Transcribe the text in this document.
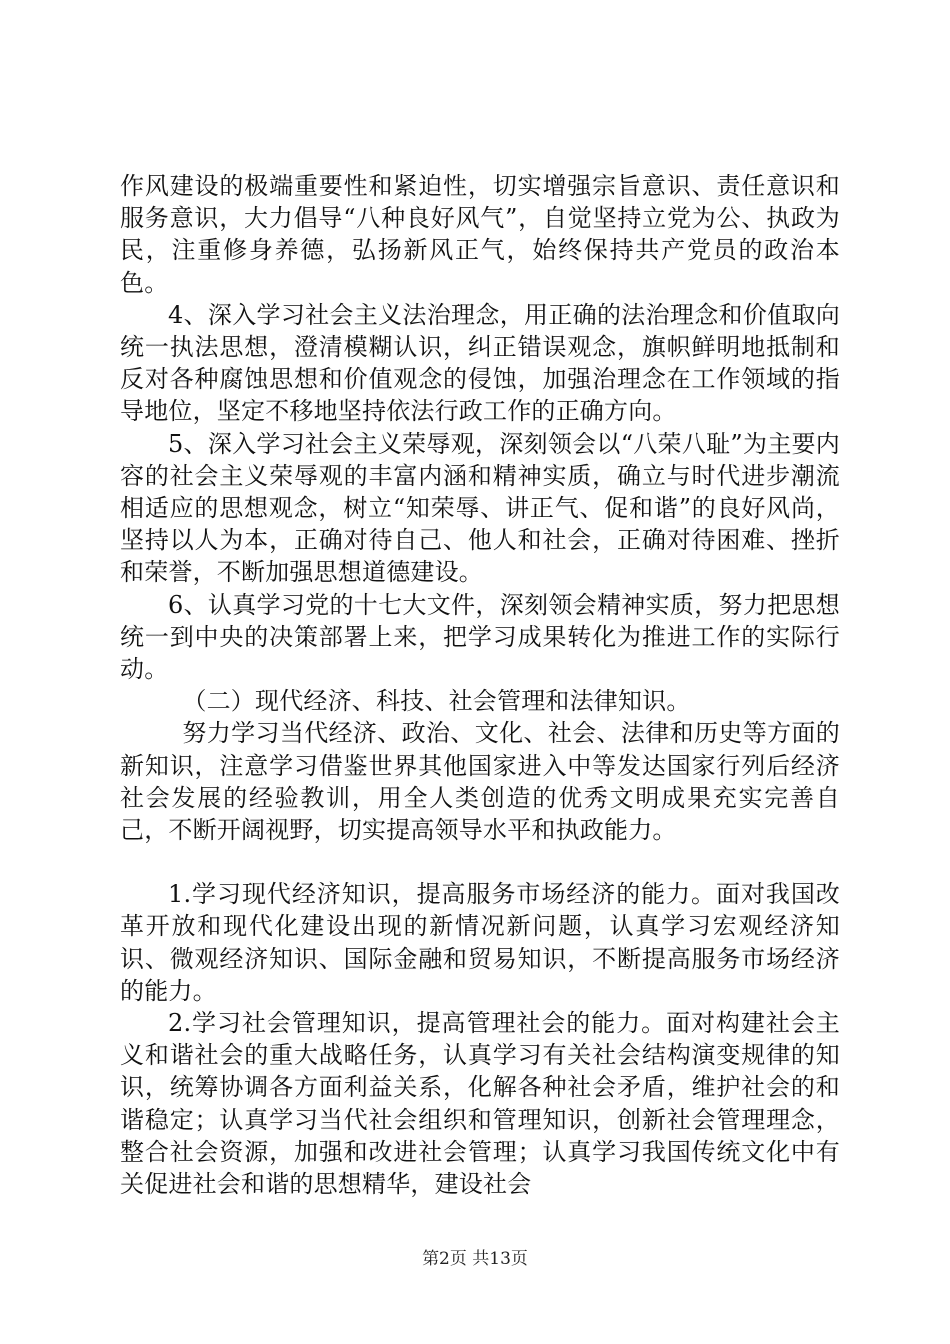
作风建设的极端重要性和紧迫性，切实增强宗旨意识、责任意识和服务意识，大力倡导“八种良好风气”，自觉坚持立党为公、执政为民，注重修身养德，弘扬新风正气，始终保持共产党员的政治本色。

4、深入学习社会主义法治理念，用正确的法治理念和价值取向统一执法思想，澄清模糊认识，纠正错误观念，旗帜鲜明地抵制和反对各种腐蚀思想和价值观念的侵蚀，加强治理念在工作领域的指导地位，坚定不移地坚持依法行政工作的正确方向。

5、深入学习社会主义荣辱观，深刻领会以“八荣八耻”为主要内容的社会主义荣辱观的丰富内涵和精神实质，确立与时代进步潮流相适应的思想观念，树立“知荣辱、讲正气、促和谐”的良好风尚，坚持以人为本，正确对待自己、他人和社会，正确对待困难、挫折和荣誉，不断加强思想道德建设。

6、认真学习党的十七大文件，深刻领会精神实质，努力把思想统一到中央的决策部署上来，把学习成果转化为推进工作的实际行动。

（二）现代经济、科技、社会管理和法律知识。

努力学习当代经济、政治、文化、社会、法律和历史等方面的新知识，注意学习借鉴世界其他国家进入中等发达国家行列后经济社会发展的经验教训，用全人类创造的优秀文明成果充实完善自己，不断开阔视野，切实提高领导水平和执政能力。

1.学习现代经济知识，提高服务市场经济的能力。面对我国改革开放和现代化建设出现的新情况新问题，认真学习宏观经济知识、微观经济知识、国际金融和贸易知识，不断提高服务市场经济的能力。

2.学习社会管理知识，提高管理社会的能力。面对构建社会主义和谐社会的重大战略任务，认真学习有关社会结构演变规律的知识，统筹协调各方面利益关系，化解各种社会矛盾，维护社会的和谐稳定；认真学习当代社会组织和管理知识，创新社会管理理念，整合社会资源，加强和改进社会管理；认真学习我国传统文化中有关促进社会和谐的思想精华，建设社会

第2页 共13页
